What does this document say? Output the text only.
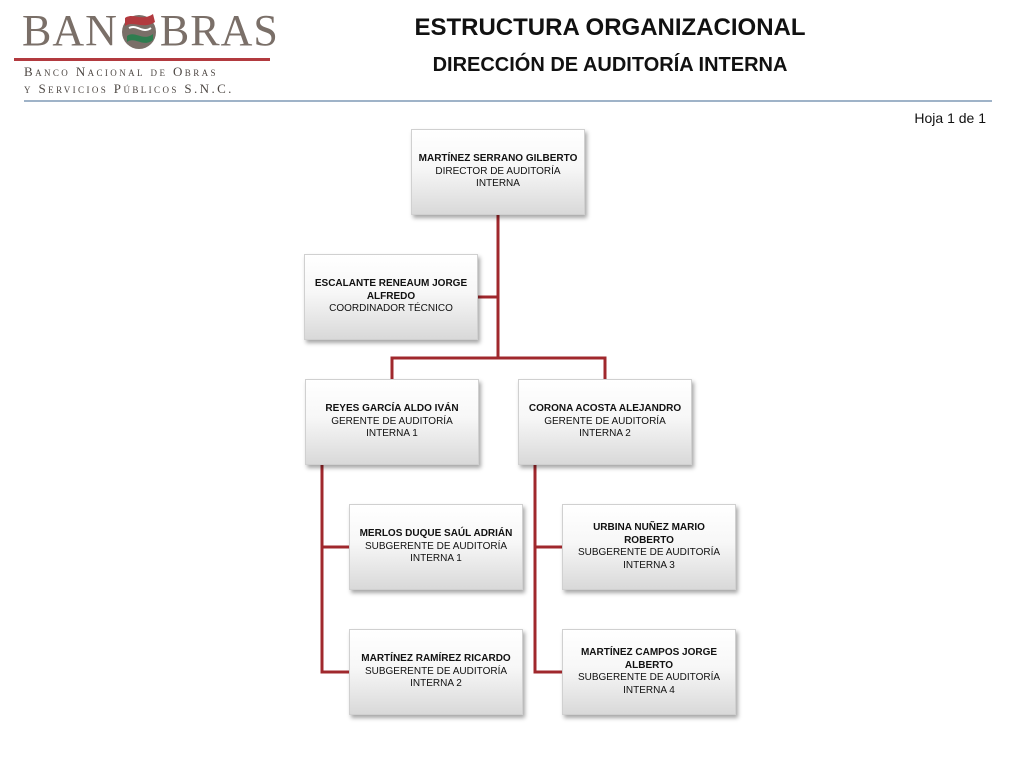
BAN BRAS
Banco Nacional de Obras
y Servicios Públicos S.N.C.
ESTRUCTURA ORGANIZACIONAL
DIRECCIÓN DE AUDITORÍA INTERNA
Hoja 1 de 1
MARTÍNEZ SERRANO GILBERTO
DIRECTOR DE AUDITORÍA INTERNA
ESCALANTE RENEAUM JORGE ALFREDO
COORDINADOR TÉCNICO
REYES GARCÍA ALDO IVÁN
GERENTE DE AUDITORÍA INTERNA 1
CORONA ACOSTA ALEJANDRO
GERENTE DE AUDITORÍA INTERNA 2
MERLOS DUQUE SAÚL ADRIÁN
SUBGERENTE DE AUDITORÍA INTERNA 1
URBINA NUÑEZ MARIO ROBERTO
SUBGERENTE DE AUDITORÍA INTERNA 3
MARTÍNEZ RAMÍREZ RICARDO
SUBGERENTE DE AUDITORÍA INTERNA 2
MARTÍNEZ CAMPOS JORGE ALBERTO
SUBGERENTE DE AUDITORÍA INTERNA 4
